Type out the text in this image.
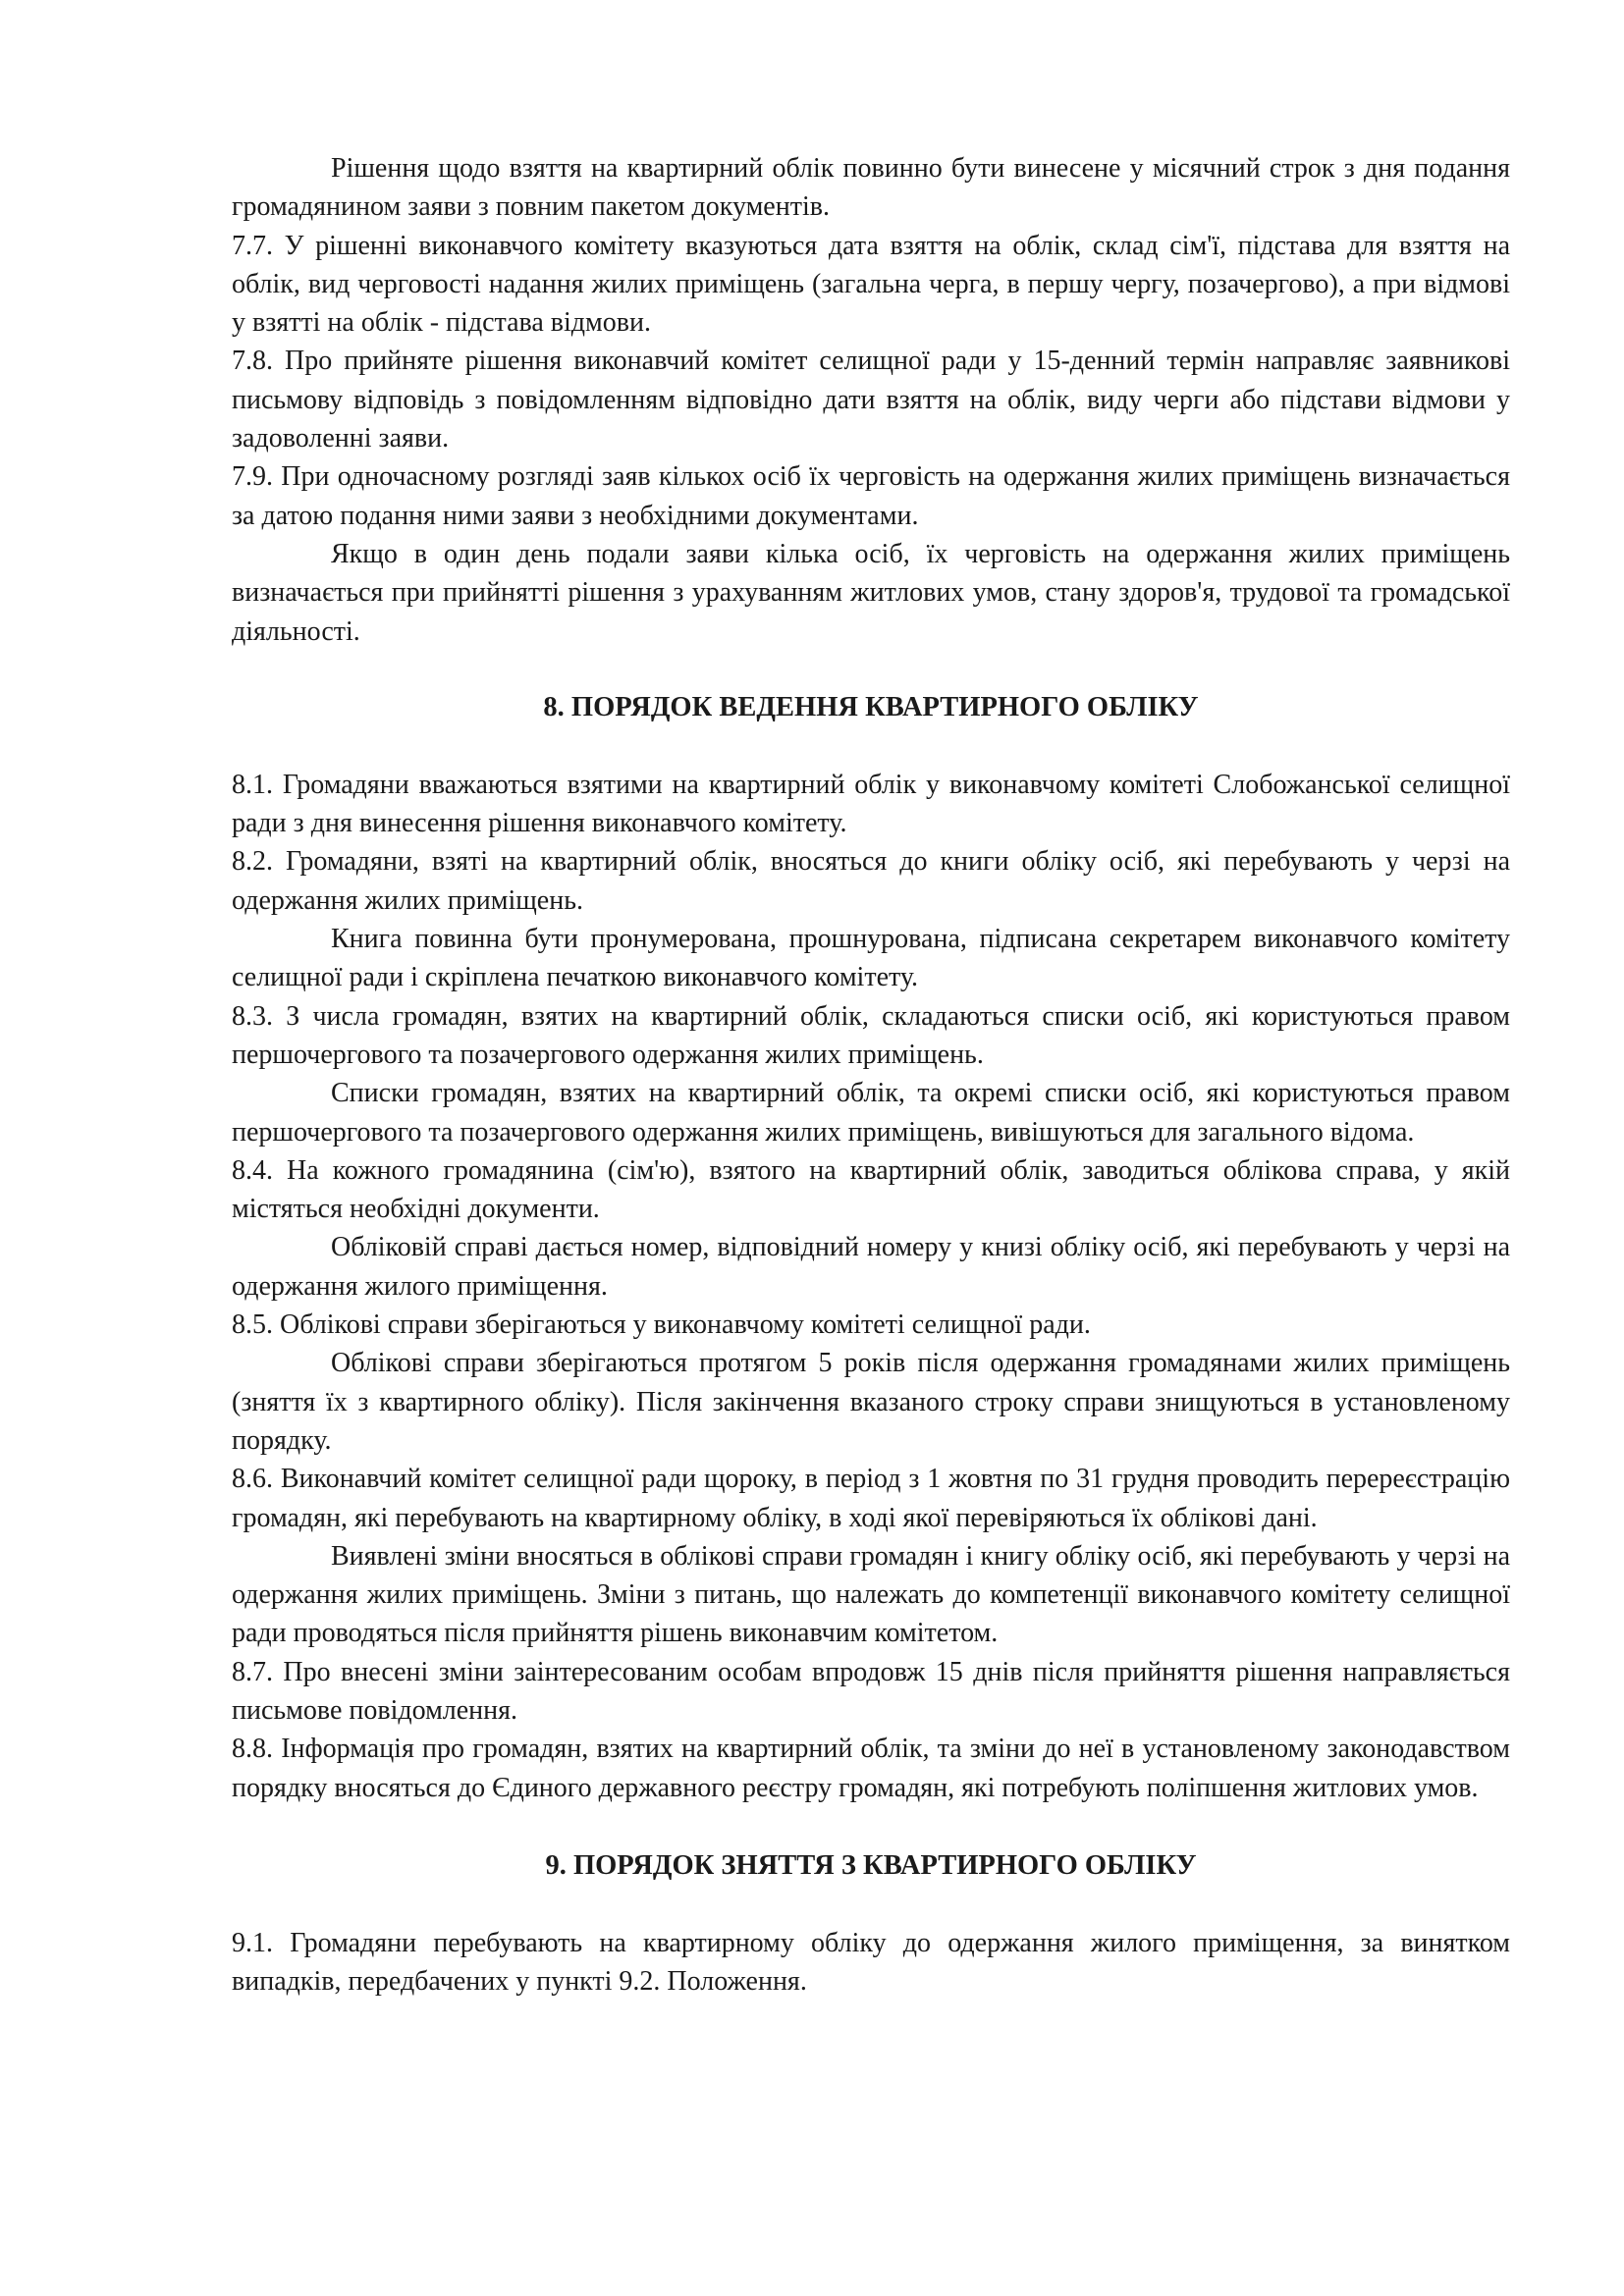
Рішення щодо взяття на квартирний облік повинно бути винесене у місячний строк з дня подання громадянином заяви з повним пакетом документів.

7.7. У рішенні виконавчого комітету вказуються дата взяття на облік, склад сім'ї, підстава для взяття на облік, вид черговості надання жилих приміщень (загальна черга, в першу чергу, позачергово), а при відмові у взятті на облік - підстава відмови.

7.8. Про прийняте рішення виконавчий комітет селищної ради у 15-денний термін направляє заявникові письмову відповідь з повідомленням відповідно дати взяття на облік, виду черги або підстави відмови у задоволенні заяви.

7.9. При одночасному розгляді заяв кількох осіб їх черговість на одержання жилих приміщень визначається за датою подання ними заяви з необхідними документами.

Якщо в один день подали заяви кілька осіб, їх черговість на одержання жилих приміщень визначається при прийнятті рішення з урахуванням житлових умов, стану здоров'я, трудової та громадської діяльності.

8. ПОРЯДОК ВЕДЕННЯ КВАРТИРНОГО ОБЛІКУ

8.1. Громадяни вважаються взятими на квартирний облік у виконавчому комітеті Слобожанської селищної ради з дня винесення рішення виконавчого комітету.

8.2. Громадяни, взяті на квартирний облік, вносяться до книги обліку осіб, які перебувають у черзі на одержання жилих приміщень.

Книга повинна бути пронумерована, прошнурована, підписана секретарем виконавчого комітету селищної ради і скріплена печаткою виконавчого комітету.

8.3. З числа громадян, взятих на квартирний облік, складаються списки осіб, які користуються правом першочергового та позачергового одержання жилих приміщень.

Списки громадян, взятих на квартирний облік, та окремі списки осіб, які користуються правом першочергового та позачергового одержання жилих приміщень, вивішуються для загального відома.

8.4. На кожного громадянина (сім'ю), взятого на квартирний облік, заводиться облікова справа, у якій містяться необхідні документи.

Обліковій справі дається номер, відповідний номеру у книзі обліку осіб, які перебувають у черзі на одержання жилого приміщення.

8.5. Облікові справи зберігаються у виконавчому комітеті селищної ради.

Облікові справи зберігаються протягом 5 років після одержання громадянами жилих приміщень (зняття їх з квартирного обліку). Після закінчення вказаного строку справи знищуються в установленому порядку.

8.6. Виконавчий комітет селищної ради щороку, в період з 1 жовтня по 31 грудня проводить перереєстрацію громадян, які перебувають на квартирному обліку, в ході якої перевіряються їх облікові дані.

Виявлені зміни вносяться в облікові справи громадян і книгу обліку осіб, які перебувають у черзі на одержання жилих приміщень. Зміни з питань, що належать до компетенції виконавчого комітету селищної ради проводяться після прийняття рішень виконавчим комітетом.

8.7. Про внесені зміни заінтересованим особам впродовж 15 днів після прийняття рішення направляється письмове повідомлення.

8.8. Інформація про громадян, взятих на квартирний облік, та зміни до неї в установленому законодавством порядку вносяться до Єдиного державного реєстру громадян, які потребують поліпшення житлових умов.

9. ПОРЯДОК ЗНЯТТЯ З КВАРТИРНОГО ОБЛІКУ

9.1. Громадяни перебувають на квартирному обліку до одержання жилого приміщення, за винятком випадків, передбачених у пункті 9.2. Положення.
